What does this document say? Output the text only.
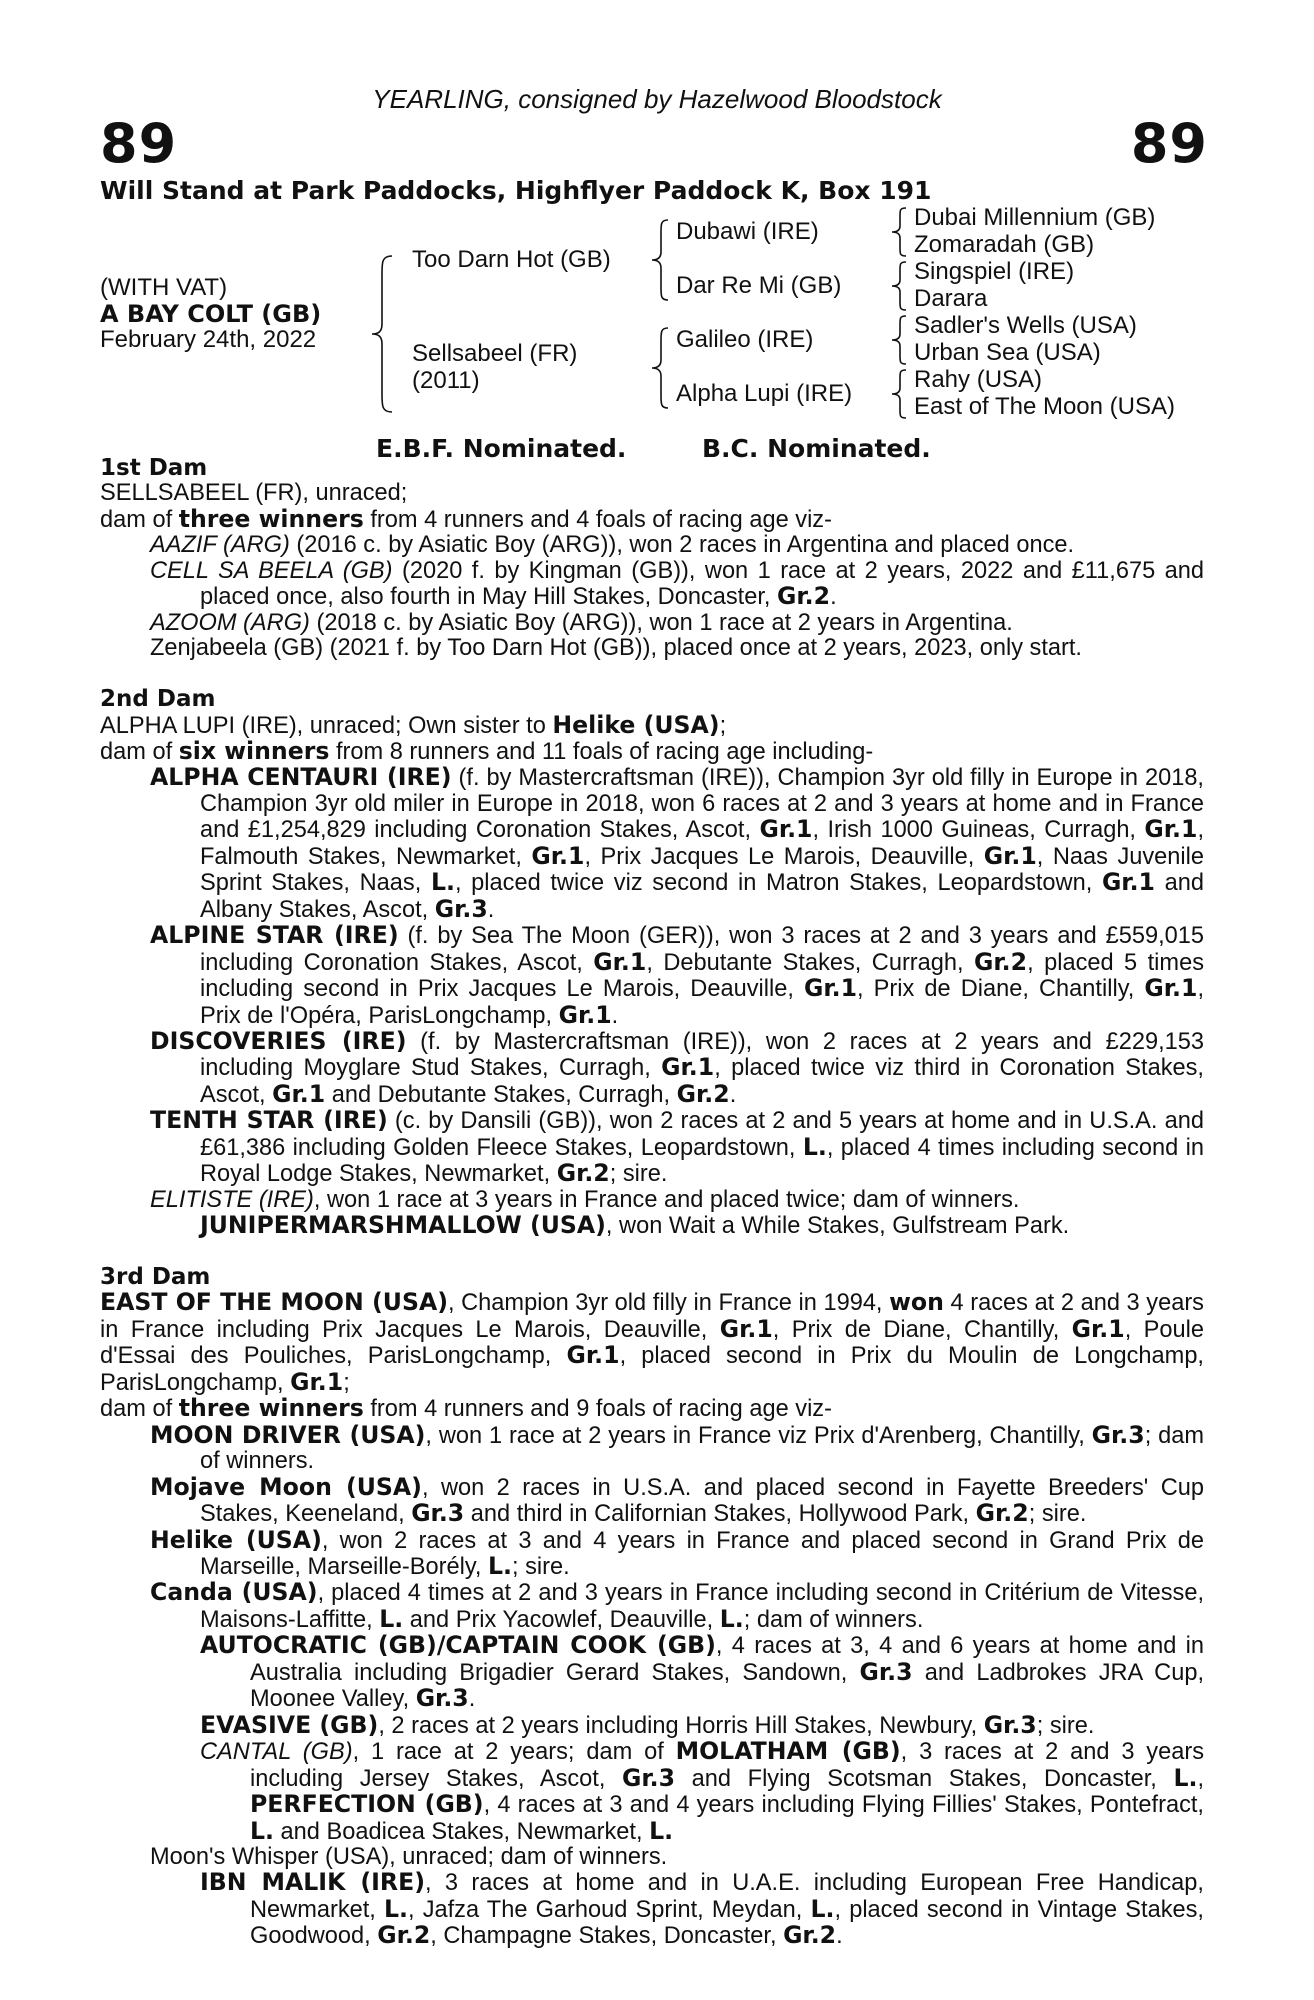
YEARLING, consigned by Hazelwood Bloodstock
89	89
Will Stand at Park Paddocks, Highflyer Paddock K, Box 191
(WITH VAT)
A BAY COLT (GB)
February 24th, 2022
Too Darn Hot (GB)
Sellsabeel (FR)
(2011)
Dubawi (IRE)
Dar Re Mi (GB)
Galileo (IRE)
Alpha Lupi (IRE)
Dubai Millennium (GB)
Zomaradah (GB)
Singspiel (IRE)
Darara
Sadler's Wells (USA)
Urban Sea (USA)
Rahy (USA)
East of The Moon (USA)
E.B.F. Nominated.	B.C. Nominated.

1st Dam

SELLSABEEL (FR), unraced;

dam of three winners from 4 runners and 4 foals of racing age viz-

AAZIF (ARG) (2016 c. by Asiatic Boy (ARG)), won 2 races in Argentina and placed once.

CELL SA BEELA (GB) (2020 f. by Kingman (GB)), won 1 race at 2 years, 2022 and £11,675 and placed once, also fourth in May Hill Stakes, Doncaster, Gr.2.

AZOOM (ARG) (2018 c. by Asiatic Boy (ARG)), won 1 race at 2 years in Argentina.

Zenjabeela (GB) (2021 f. by Too Darn Hot (GB)), placed once at 2 years, 2023, only start.

2nd Dam

ALPHA LUPI (IRE), unraced; Own sister to Helike (USA);

dam of six winners from 8 runners and 11 foals of racing age including-

ALPHA CENTAURI (IRE) (f. by Mastercraftsman (IRE)), Champion 3yr old filly in Europe in 2018, Champion 3yr old miler in Europe in 2018, won 6 races at 2 and 3 years at home and in France and £1,254,829 including Coronation Stakes, Ascot, Gr.1, Irish 1000 Guineas, Curragh, Gr.1, Falmouth Stakes, Newmarket, Gr.1, Prix Jacques Le Marois, Deauville, Gr.1, Naas Juvenile Sprint Stakes, Naas, L., placed twice viz second in Matron Stakes, Leopardstown, Gr.1 and Albany Stakes, Ascot, Gr.3.

ALPINE STAR (IRE) (f. by Sea The Moon (GER)), won 3 races at 2 and 3 years and £559,015 including Coronation Stakes, Ascot, Gr.1, Debutante Stakes, Curragh, Gr.2, placed 5 times including second in Prix Jacques Le Marois, Deauville, Gr.1, Prix de Diane, Chantilly, Gr.1, Prix de l'Opéra, ParisLongchamp, Gr.1.

DISCOVERIES (IRE) (f. by Mastercraftsman (IRE)), won 2 races at 2 years and £229,153 including Moyglare Stud Stakes, Curragh, Gr.1, placed twice viz third in Coronation Stakes, Ascot, Gr.1 and Debutante Stakes, Curragh, Gr.2.

TENTH STAR (IRE) (c. by Dansili (GB)), won 2 races at 2 and 5 years at home and in U.S.A. and £61,386 including Golden Fleece Stakes, Leopardstown, L., placed 4 times including second in Royal Lodge Stakes, Newmarket, Gr.2; sire.

ELITISTE (IRE), won 1 race at 3 years in France and placed twice; dam of winners.

JUNIPERMARSHMALLOW (USA), won Wait a While Stakes, Gulfstream Park.

3rd Dam

EAST OF THE MOON (USA), Champion 3yr old filly in France in 1994, won 4 races at 2 and 3 years in France including Prix Jacques Le Marois, Deauville, Gr.1, Prix de Diane, Chantilly, Gr.1, Poule d'Essai des Pouliches, ParisLongchamp, Gr.1, placed second in Prix du Moulin de Longchamp, ParisLongchamp, Gr.1;

dam of three winners from 4 runners and 9 foals of racing age viz-

MOON DRIVER (USA), won 1 race at 2 years in France viz Prix d'Arenberg, Chantilly, Gr.3; dam of winners.

Mojave Moon (USA), won 2 races in U.S.A. and placed second in Fayette Breeders' Cup Stakes, Keeneland, Gr.3 and third in Californian Stakes, Hollywood Park, Gr.2; sire.

Helike (USA), won 2 races at 3 and 4 years in France and placed second in Grand Prix de Marseille, Marseille-Borély, L.; sire.

Canda (USA), placed 4 times at 2 and 3 years in France including second in Critérium de Vitesse, Maisons-Laffitte, L. and Prix Yacowlef, Deauville, L.; dam of winners.

AUTOCRATIC (GB)/CAPTAIN COOK (GB), 4 races at 3, 4 and 6 years at home and in Australia including Brigadier Gerard Stakes, Sandown, Gr.3 and Ladbrokes JRA Cup, Moonee Valley, Gr.3.

EVASIVE (GB), 2 races at 2 years including Horris Hill Stakes, Newbury, Gr.3; sire.

CANTAL (GB), 1 race at 2 years; dam of MOLATHAM (GB), 3 races at 2 and 3 years including Jersey Stakes, Ascot, Gr.3 and Flying Scotsman Stakes, Doncaster, L., PERFECTION (GB), 4 races at 3 and 4 years including Flying Fillies' Stakes, Pontefract, L. and Boadicea Stakes, Newmarket, L.

Moon's Whisper (USA), unraced; dam of winners.

IBN MALIK (IRE), 3 races at home and in U.A.E. including European Free Handicap, Newmarket, L., Jafza The Garhoud Sprint, Meydan, L., placed second in Vintage Stakes, Goodwood, Gr.2, Champagne Stakes, Doncaster, Gr.2.
